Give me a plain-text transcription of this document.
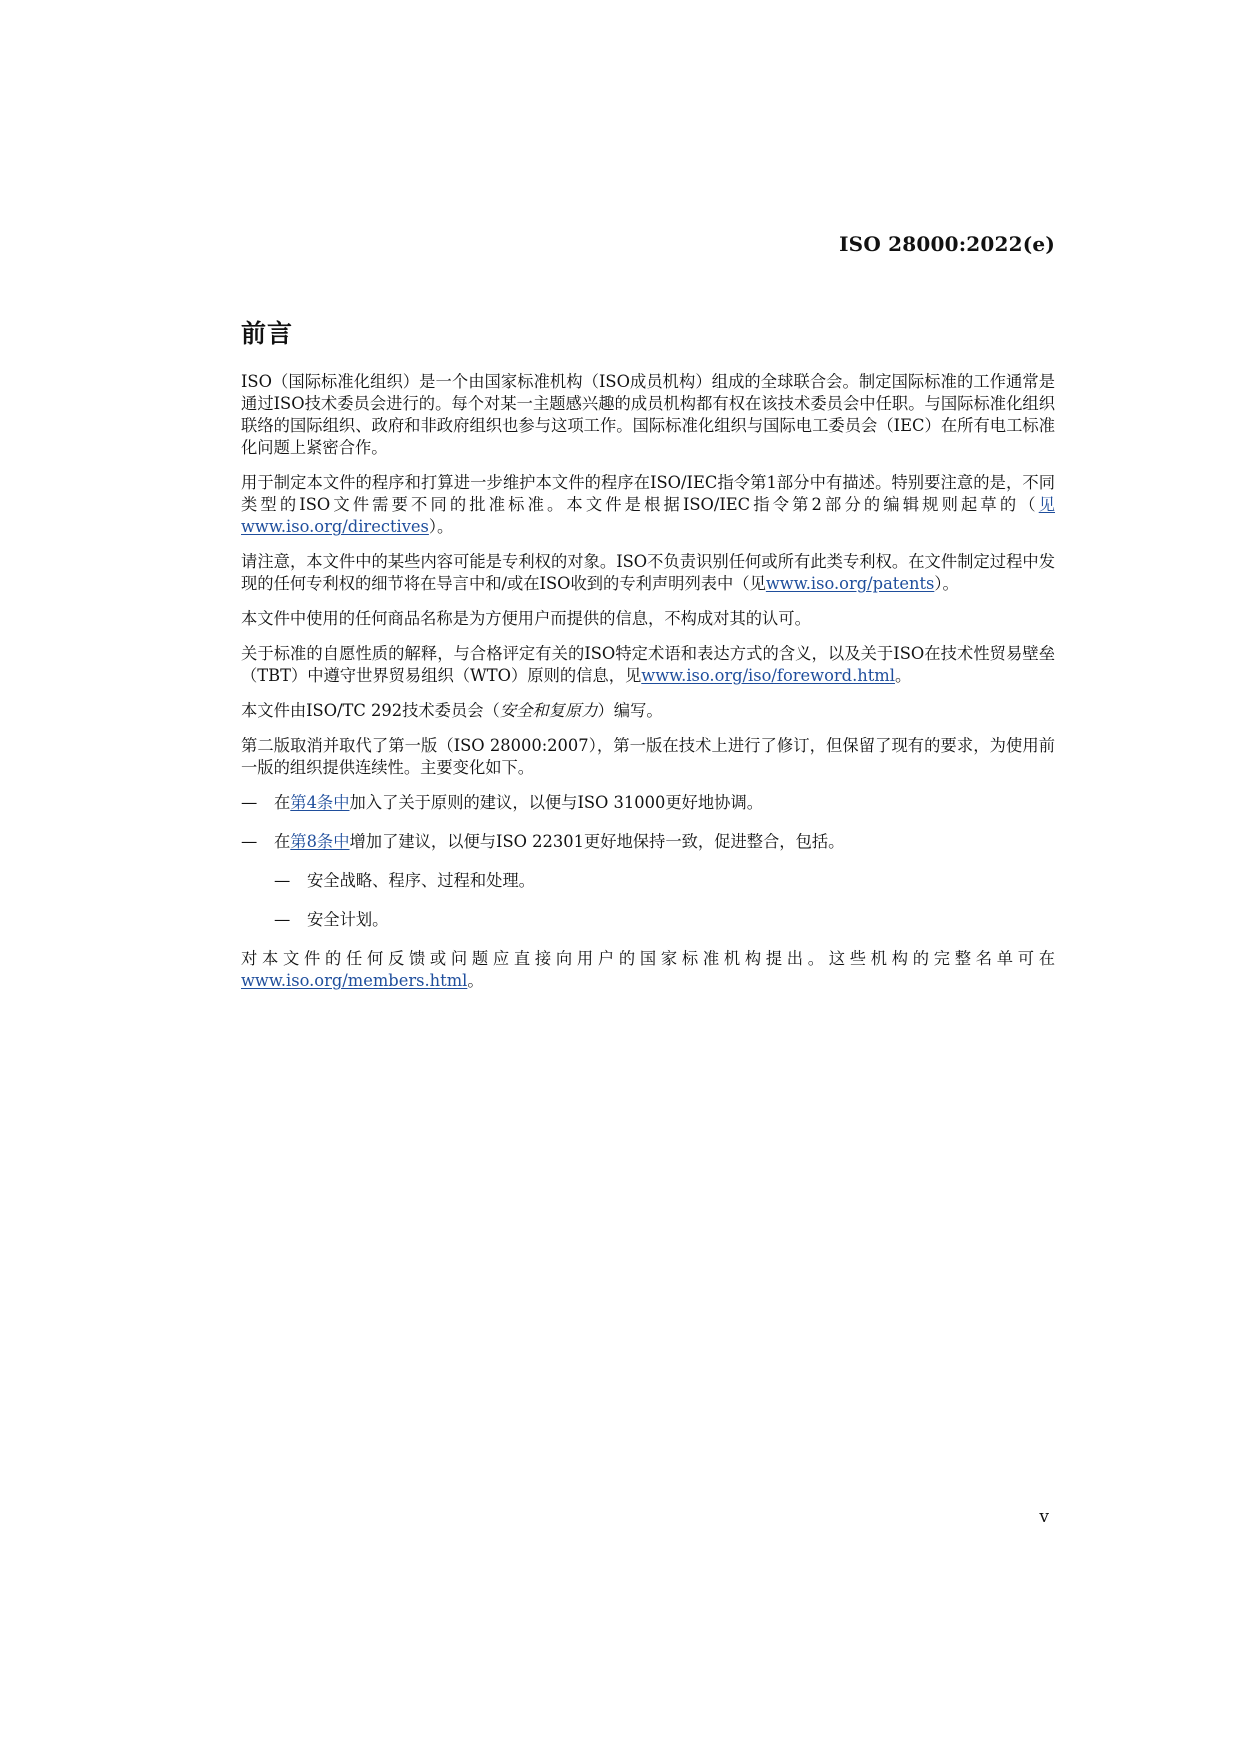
ISO 28000:2022(e)
前言

ISO（国际标准化组织）是一个由国家标准机构（ISO成员机构）组成的全球联合会。制定国际标准的工作通常是通过ISO技术委员会进行的。每个对某一主题感兴趣的成员机构都有权在该技术委员会中任职。与国际标准化组织联络的国际组织、政府和非政府组织也参与这项工作。国际标准化组织与国际电工委员会（IEC）在所有电工标准化问题上紧密合作。

用于制定本文件的程序和打算进一步维护本文件的程序在ISO/IEC指令第1部分中有描述。特别要注意的是，不同类型的ISO文件需要不同的批准标准。本文件是根据ISO/IEC指令第2部分的编辑规则起草的（见www.iso.org/directives）。

请注意，本文件中的某些内容可能是专利权的对象。ISO不负责识别任何或所有此类专利权。在文件制定过程中发现的任何专利权的细节将在导言中和/或在ISO收到的专利声明列表中（见www.iso.org/patents）。

本文件中使用的任何商品名称是为方便用户而提供的信息，不构成对其的认可。

关于标准的自愿性质的解释，与合格评定有关的ISO特定术语和表达方式的含义，以及关于ISO在技术性贸易壁垒（TBT）中遵守世界贸易组织（WTO）原则的信息，见www.iso.org/iso/foreword.html。

本文件由ISO/TC 292技术委员会（安全和复原力）编写。

第二版取消并取代了第一版（ISO 28000:2007），第一版在技术上进行了修订，但保留了现有的要求，为使用前一版的组织提供连续性。主要变化如下。

—	在第4条中加入了关于原则的建议，以便与ISO 31000更好地协调。
—	在第8条中增加了建议，以便与ISO 22301更好地保持一致，促进整合，包括。
—	安全战略、程序、过程和处理。
—	安全计划。

对本文件的任何反馈或问题应直接向用户的国家标准机构提出。这些机构的完整名单可在www.iso.org/members.html。

v
